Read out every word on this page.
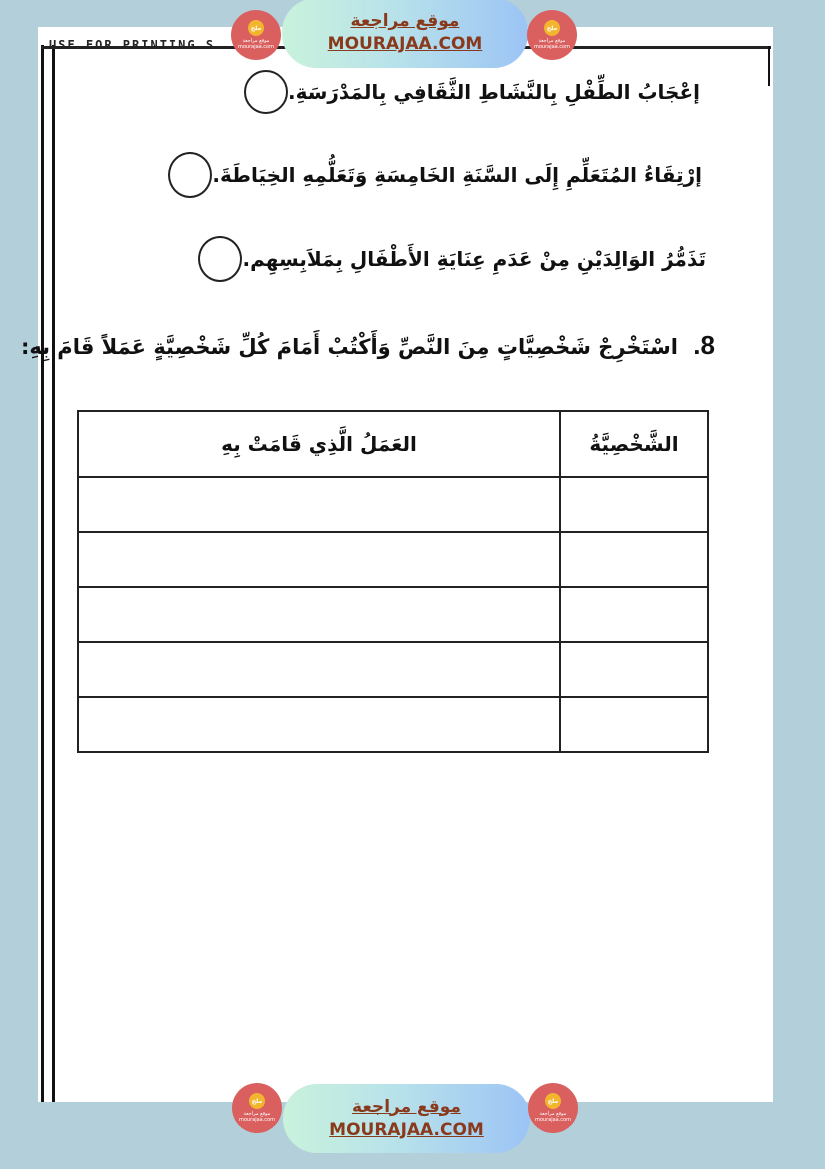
USE FOR PRINTING S
إعْجَابُ الطِّفْلِ بِالنَّشَاطِ الثَّقَافِي بِالمَدْرَسَةِ.
إرْتِقَاءُ المُتَعَلِّمِ إِلَى السَّنَةِ الخَامِسَةِ وَتَعَلُّمِهِ الخِيَاطَةَ.
تَذَمُّرُ الوَالِدَيْنِ مِنْ عَدَمِ عِنَايَةِ الأَطْفَالِ بِمَلاَبِسِهِم.
8. اسْتَخْرِجْ شَخْصِيَّاتٍ مِنَ النَّصِّ وَأَكْتُبْ أَمَامَ كُلِّ شَخْصِيَّةٍ عَمَلاً قَامَ بِهِ:
الشَّخْصِيَّةُ	العَمَلُ الَّذِي قَامَتْ بِهِ

ملخ
موقع مراجعة mourajaa.com
موقع مراجعة
MOURAJAA.COM
ملخ
موقع مراجعة mourajaa.com
ملخ
موقع مراجعة mourajaa.com
موقع مراجعة
MOURAJAA.COM
ملخ
موقع مراجعة mourajaa.com
